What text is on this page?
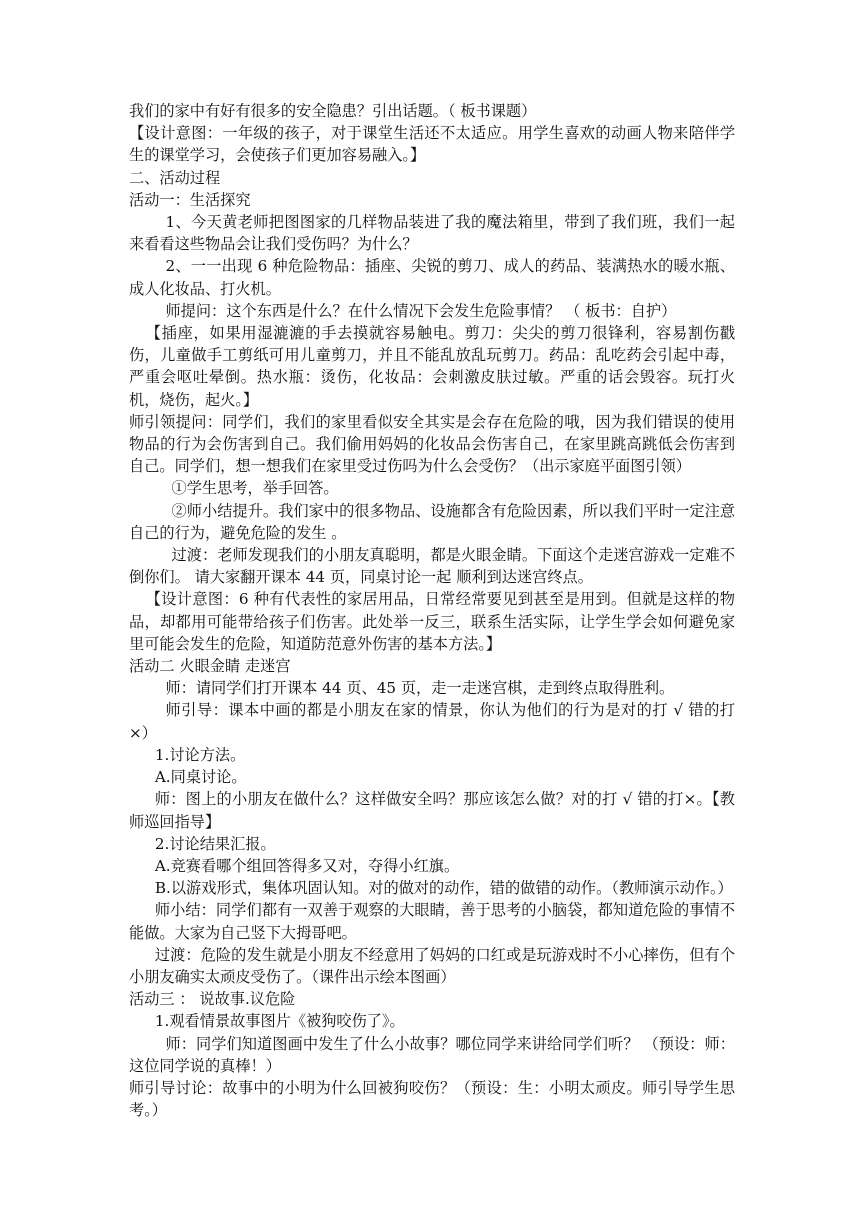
我们的家中有好有很多的安全隐患？引出话题。（ 板书课题）

【设计意图：一年级的孩子，对于课堂生活还不太适应。用学生喜欢的动画人物来陪伴学生的课堂学习，会使孩子们更加容易融入。】

二、活动过程

活动一：生活探究

1、今天黄老师把图图家的几样物品装进了我的魔法箱里，带到了我们班，我们一起来看看这些物品会让我们受伤吗？为什么？

2、一一出现 6 种危险物品：插座、尖锐的剪刀、成人的药品、装满热水的暖水瓶、成人化妆品、打火机。

师提问：这个东西是什么？在什么情况下会发生危险事情？ （ 板书：自护）

【插座，如果用湿漉漉的手去摸就容易触电。剪刀：尖尖的剪刀很锋利，容易割伤戳伤，儿童做手工剪纸可用儿童剪刀，并且不能乱放乱玩剪刀。药品：乱吃药会引起中毒，严重会呕吐晕倒。热水瓶：烫伤，化妆品：会刺激皮肤过敏。严重的话会毁容。玩打火机，烧伤，起火。】

师引领提问：同学们，我们的家里看似安全其实是会存在危险的哦，因为我们错误的使用物品的行为会伤害到自己。我们偷用妈妈的化妆品会伤害自己，在家里跳高跳低会伤害到自己。同学们，想一想我们在家里受过伤吗为什么会受伤？（出示家庭平面图引领）

①学生思考，举手回答。

②师小结提升。我们家中的很多物品、设施都含有危险因素，所以我们平时一定注意自己的行为，避免危险的发生 。

过渡：老师发现我们的小朋友真聪明，都是火眼金睛。下面这个走迷宫游戏一定难不倒你们。 请大家翻开课本 44 页，同桌讨论一起 顺利到达迷宫终点。

【设计意图：6 种有代表性的家居用品，日常经常要见到甚至是用到。但就是这样的物品，却都用可能带给孩子们伤害。此处举一反三，联系生活实际，让学生学会如何避免家里可能会发生的危险，知道防范意外伤害的基本方法。】

活动二 火眼金睛 走迷宫

师：请同学们打开课本 44 页、45 页，走一走迷宫棋，走到终点取得胜利。

师引导：课本中画的都是小朋友在家的情景，你认为他们的行为是对的打 √ 错的打×）

1.讨论方法。

A.同桌讨论。

师：图上的小朋友在做什么？这样做安全吗？那应该怎么做？对的打 √ 错的打×。【教师巡回指导】

2.讨论结果汇报。

A.竞赛看哪个组回答得多又对，夺得小红旗。

B.以游戏形式，集体巩固认知。对的做对的动作，错的做错的动作。（教师演示动作。）

师小结：同学们都有一双善于观察的大眼睛，善于思考的小脑袋，都知道危险的事情不能做。大家为自己竖下大拇哥吧。

过渡：危险的发生就是小朋友不经意用了妈妈的口红或是玩游戏时不小心摔伤，但有个小朋友确实太顽皮受伤了。（课件出示绘本图画）

活动三 ： 说故事.议危险

1.观看情景故事图片《被狗咬伤了》。

师：同学们知道图画中发生了什么小故事？哪位同学来讲给同学们听？ （预设：师：这位同学说的真棒！）

师引导讨论：故事中的小明为什么回被狗咬伤？（预设：生：小明太顽皮。师引导学生思考。）
